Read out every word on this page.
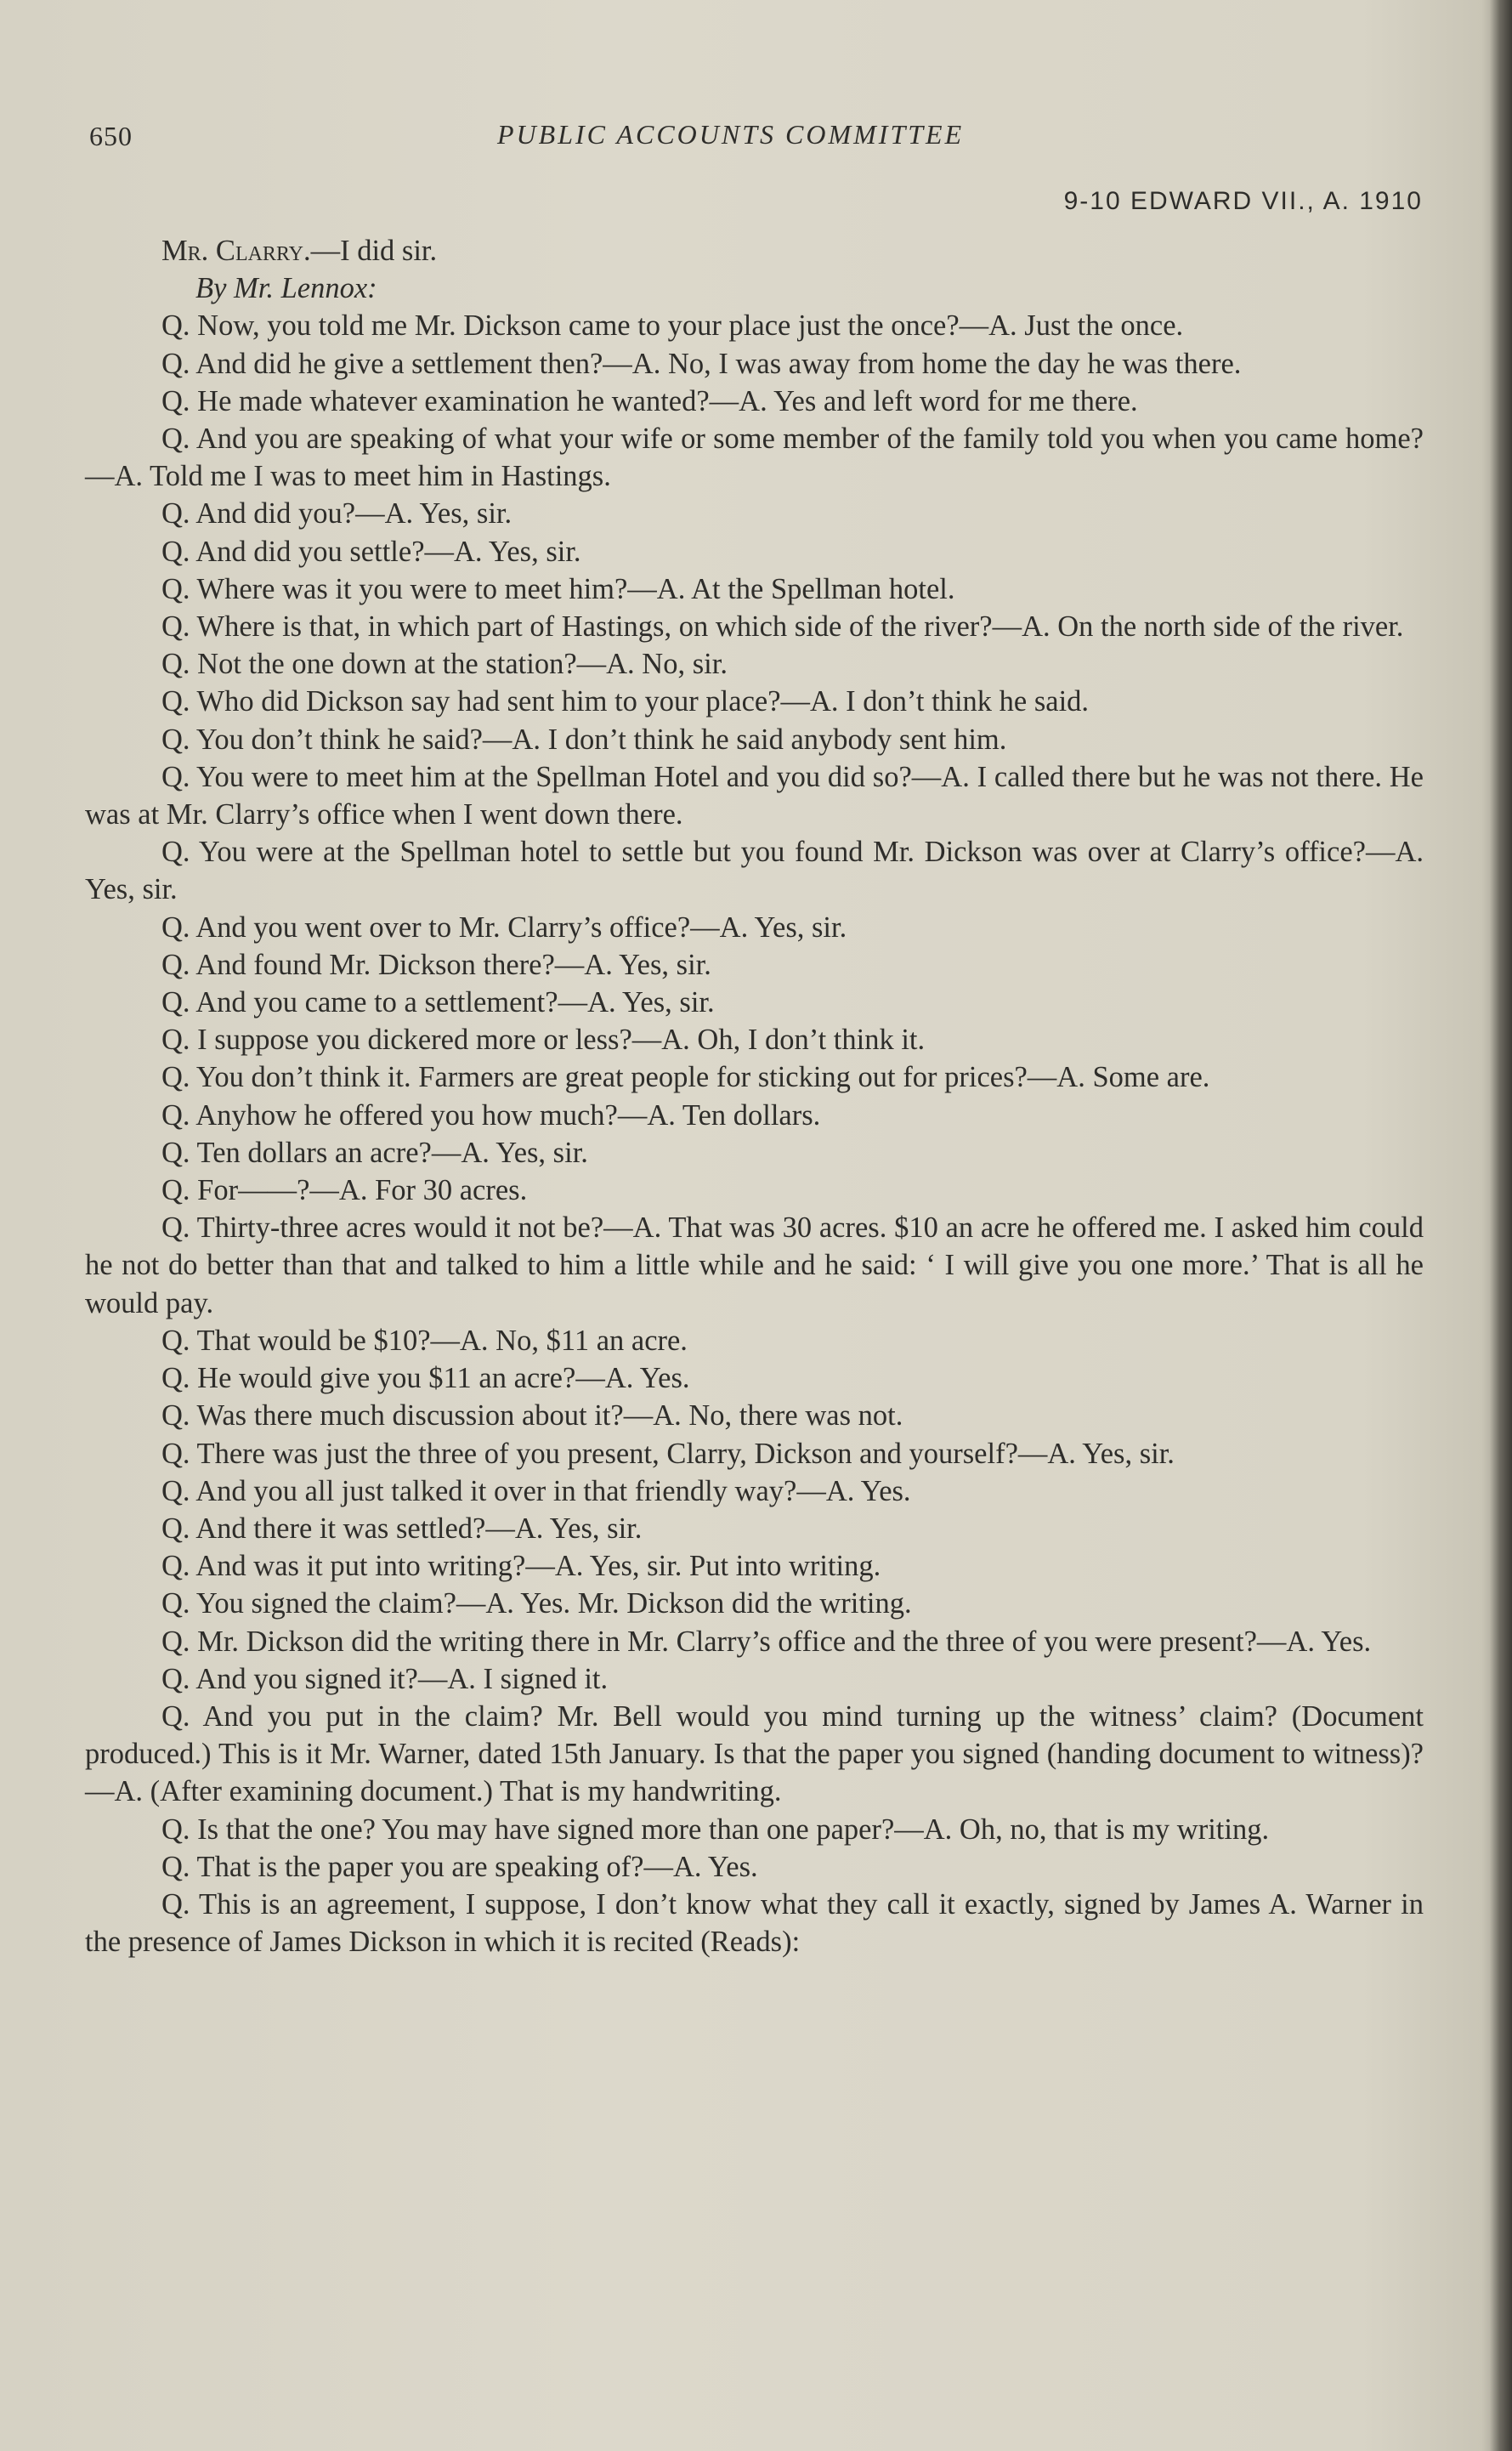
650	PUBLIC ACCOUNTS COMMITTEE
9-10 EDWARD VII., A. 1910

Mr. Clarry.—I did sir.

By Mr. Lennox:

Q. Now, you told me Mr. Dickson came to your place just the once?—A. Just the once.

Q. And did he give a settlement then?—A. No, I was away from home the day he was there.

Q. He made whatever examination he wanted?—A. Yes and left word for me there.

Q. And you are speaking of what your wife or some member of the family told you when you came home?—A. Told me I was to meet him in Hastings.

Q. And did you?—A. Yes, sir.

Q. And did you settle?—A. Yes, sir.

Q. Where was it you were to meet him?—A. At the Spellman hotel.

Q. Where is that, in which part of Hastings, on which side of the river?—A. On the north side of the river.

Q. Not the one down at the station?—A. No, sir.

Q. Who did Dickson say had sent him to your place?—A. I don’t think he said.

Q. You don’t think he said?—A. I don’t think he said anybody sent him.

Q. You were to meet him at the Spellman Hotel and you did so?—A. I called there but he was not there. He was at Mr. Clarry’s office when I went down there.

Q. You were at the Spellman hotel to settle but you found Mr. Dickson was over at Clarry’s office?—A. Yes, sir.

Q. And you went over to Mr. Clarry’s office?—A. Yes, sir.

Q. And found Mr. Dickson there?—A. Yes, sir.

Q. And you came to a settlement?—A. Yes, sir.

Q. I suppose you dickered more or less?—A. Oh, I don’t think it.

Q. You don’t think it. Farmers are great people for sticking out for prices?—A. Some are.

Q. Anyhow he offered you how much?—A. Ten dollars.

Q. Ten dollars an acre?—A. Yes, sir.

Q. For——?—A. For 30 acres.

Q. Thirty-three acres would it not be?—A. That was 30 acres. $10 an acre he offered me. I asked him could he not do better than that and talked to him a little while and he said: ‘ I will give you one more.’ That is all he would pay.

Q. That would be $10?—A. No, $11 an acre.

Q. He would give you $11 an acre?—A. Yes.

Q. Was there much discussion about it?—A. No, there was not.

Q. There was just the three of you present, Clarry, Dickson and yourself?—A. Yes, sir.

Q. And you all just talked it over in that friendly way?—A. Yes.

Q. And there it was settled?—A. Yes, sir.

Q. And was it put into writing?—A. Yes, sir. Put into writing.

Q. You signed the claim?—A. Yes. Mr. Dickson did the writing.

Q. Mr. Dickson did the writing there in Mr. Clarry’s office and the three of you were present?—A. Yes.

Q. And you signed it?—A. I signed it.

Q. And you put in the claim? Mr. Bell would you mind turning up the witness’ claim? (Document produced.) This is it Mr. Warner, dated 15th January. Is that the paper you signed (handing document to witness)?—A. (After examining document.) That is my handwriting.

Q. Is that the one? You may have signed more than one paper?—A. Oh, no, that is my writing.

Q. That is the paper you are speaking of?—A. Yes.

Q. This is an agreement, I suppose, I don’t know what they call it exactly, signed by James A. Warner in the presence of James Dickson in which it is recited (Reads):
